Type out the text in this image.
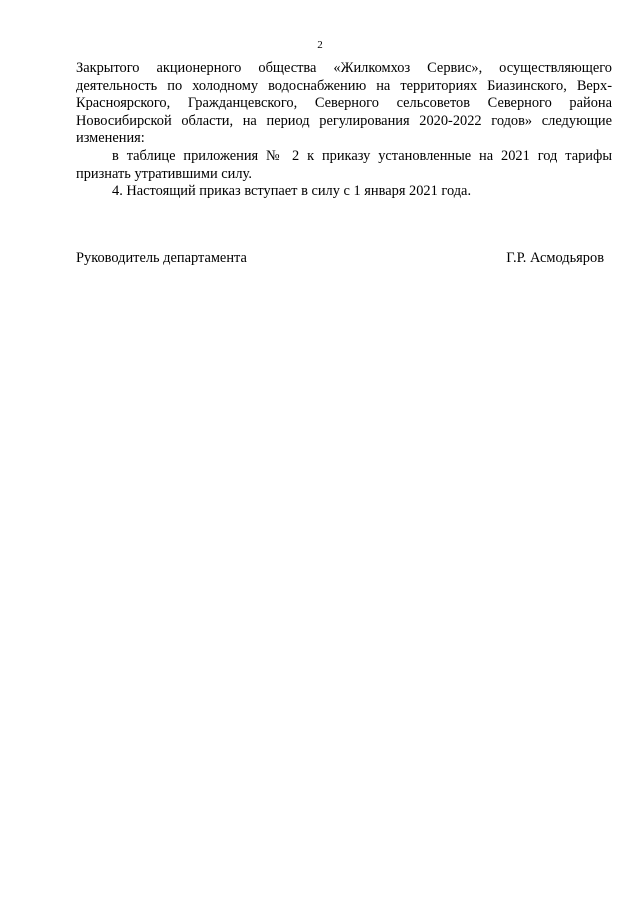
2

Закрытого акционерного общества «Жилкомхоз Сервис», осуществляющего деятельность по холодному водоснабжению на территориях Биазинского, Верх-Красноярского, Гражданцевского, Северного сельсоветов Северного района Новосибирской области, на период регулирования 2020-2022 годов» следующие изменения:

в таблице приложения № 2 к приказу установленные на 2021 год тарифы признать утратившими силу.

4. Настоящий приказ вступает в силу с 1 января 2021 года.

Руководитель департамента	Г.Р. Асмодьяров
